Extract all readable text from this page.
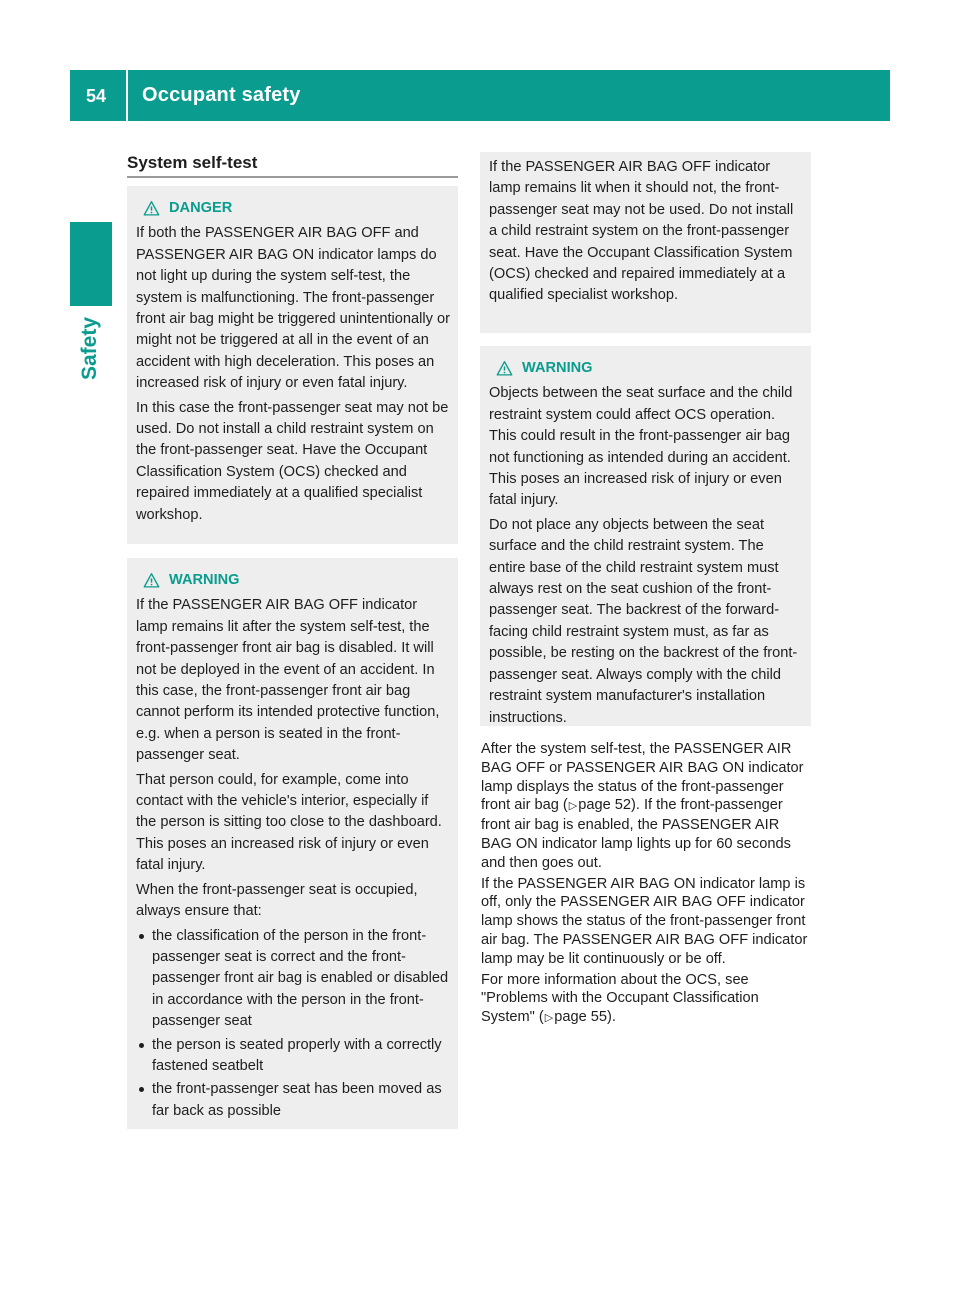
54 Occupant safety
Safety
System self-test
DANGER

If both the PASSENGER AIR BAG OFF and PASSENGER AIR BAG ON indicator lamps do not light up during the system self-test, the system is malfunctioning. The front-passenger front air bag might be triggered unintentionally or might not be triggered at all in the event of an accident with high deceleration. This poses an increased risk of injury or even fatal injury.

In this case the front-passenger seat may not be used. Do not install a child restraint system on the front-passenger seat. Have the Occupant Classification System (OCS) checked and repaired immediately at a qualified specialist workshop.

WARNING

If the PASSENGER AIR BAG OFF indicator lamp remains lit after the system self-test, the front-passenger front air bag is disabled. It will not be deployed in the event of an accident. In this case, the front-passenger front air bag cannot perform its intended protective function, e.g. when a person is seated in the front-passenger seat.

That person could, for example, come into contact with the vehicle's interior, especially if the person is sitting too close to the dashboard. This poses an increased risk of injury or even fatal injury.

When the front-passenger seat is occupied, always ensure that:

the classification of the person in the front-passenger seat is correct and the front-passenger front air bag is enabled or disabled in accordance with the person in the front-passenger seat
the person is seated properly with a correctly fastened seatbelt
the front-passenger seat has been moved as far back as possible

If the PASSENGER AIR BAG OFF indicator lamp remains lit when it should not, the front-passenger seat may not be used. Do not install a child restraint system on the front-passenger seat. Have the Occupant Classification System (OCS) checked and repaired immediately at a qualified specialist workshop.

WARNING

Objects between the seat surface and the child restraint system could affect OCS operation. This could result in the front-passenger air bag not functioning as intended during an accident. This poses an increased risk of injury or even fatal injury.

Do not place any objects between the seat surface and the child restraint system. The entire base of the child restraint system must always rest on the seat cushion of the front-passenger seat. The backrest of the forward-facing child restraint system must, as far as possible, be resting on the backrest of the front-passenger seat. Always comply with the child restraint system manufacturer's installation instructions.

After the system self-test, the PASSENGER AIR BAG OFF or PASSENGER AIR BAG ON indicator lamp displays the status of the front-passenger front air bag (▷page 52). If the front-passenger front air bag is enabled, the PASSENGER AIR BAG ON indicator lamp lights up for 60 seconds and then goes out.

If the PASSENGER AIR BAG ON indicator lamp is off, only the PASSENGER AIR BAG OFF indicator lamp shows the status of the front-passenger front air bag. The PASSENGER AIR BAG OFF indicator lamp may be lit continuously or be off.

For more information about the OCS, see "Problems with the Occupant Classification System" (▷page 55).
